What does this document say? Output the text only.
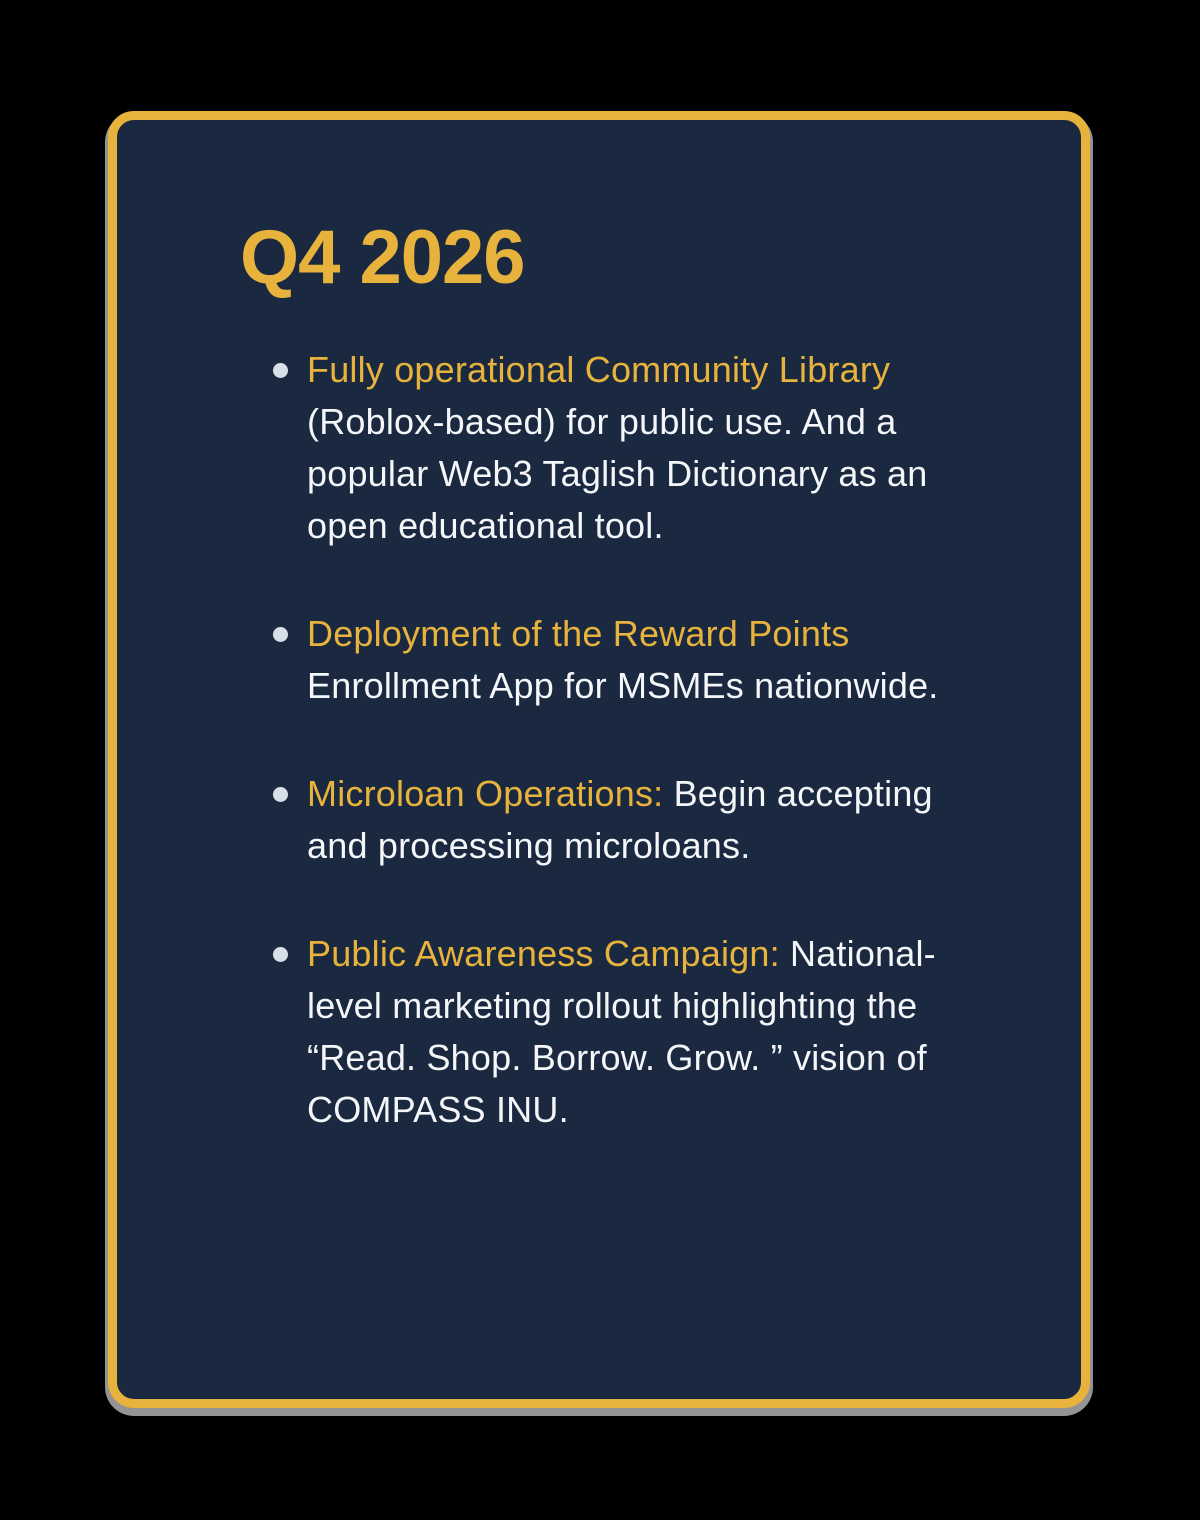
Q4 2026
Fully operational Community Library (Roblox-based) for public use. And a popular Web3 Taglish Dictionary as an open educational tool.
Deployment of the Reward Points Enrollment App for MSMEs nationwide.
Microloan Operations: Begin accepting and processing microloans.
Public Awareness Campaign: National-level marketing rollout highlighting the “Read. Shop. Borrow. Grow. ” vision of COMPASS INU.
